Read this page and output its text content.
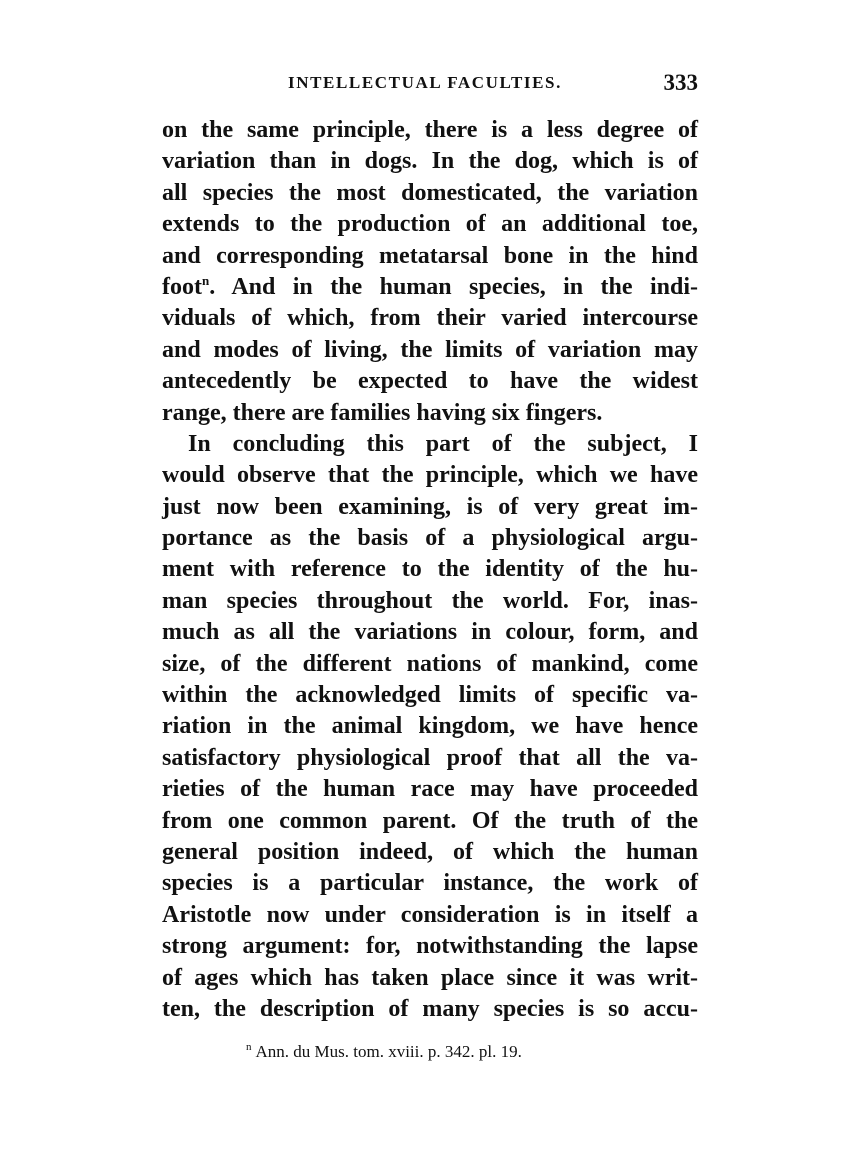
INTELLECTUAL FACULTIES.	333
on the same principle, there is a less degree of
variation than in dogs. In the dog, which is of
all species the most domesticated, the variation
extends to the production of an additional toe,
and corresponding metatarsal bone in the hind
foot$^n$. And in the human species, in the indi-
viduals of which, from their varied intercourse
and modes of living, the limits of variation may
antecedently be expected to have the widest
range, there are families having six fingers.
In concluding this part of the subject, I
would observe that the principle, which we have
just now been examining, is of very great im-
portance as the basis of a physiological argu-
ment with reference to the identity of the hu-
man species throughout the world. For, inas-
much as all the variations in colour, form, and
size, of the different nations of mankind, come
within the acknowledged limits of specific va-
riation in the animal kingdom, we have hence
satisfactory physiological proof that all the va-
rieties of the human race may have proceeded
from one common parent. Of the truth of the
general position indeed, of which the human
species is a particular instance, the work of
Aristotle now under consideration is in itself a
strong argument: for, notwithstanding the lapse
of ages which has taken place since it was writ-
ten, the description of many species is so accu-
$^n$ Ann. du Mus. tom. xviii. p. 342. pl. 19.
